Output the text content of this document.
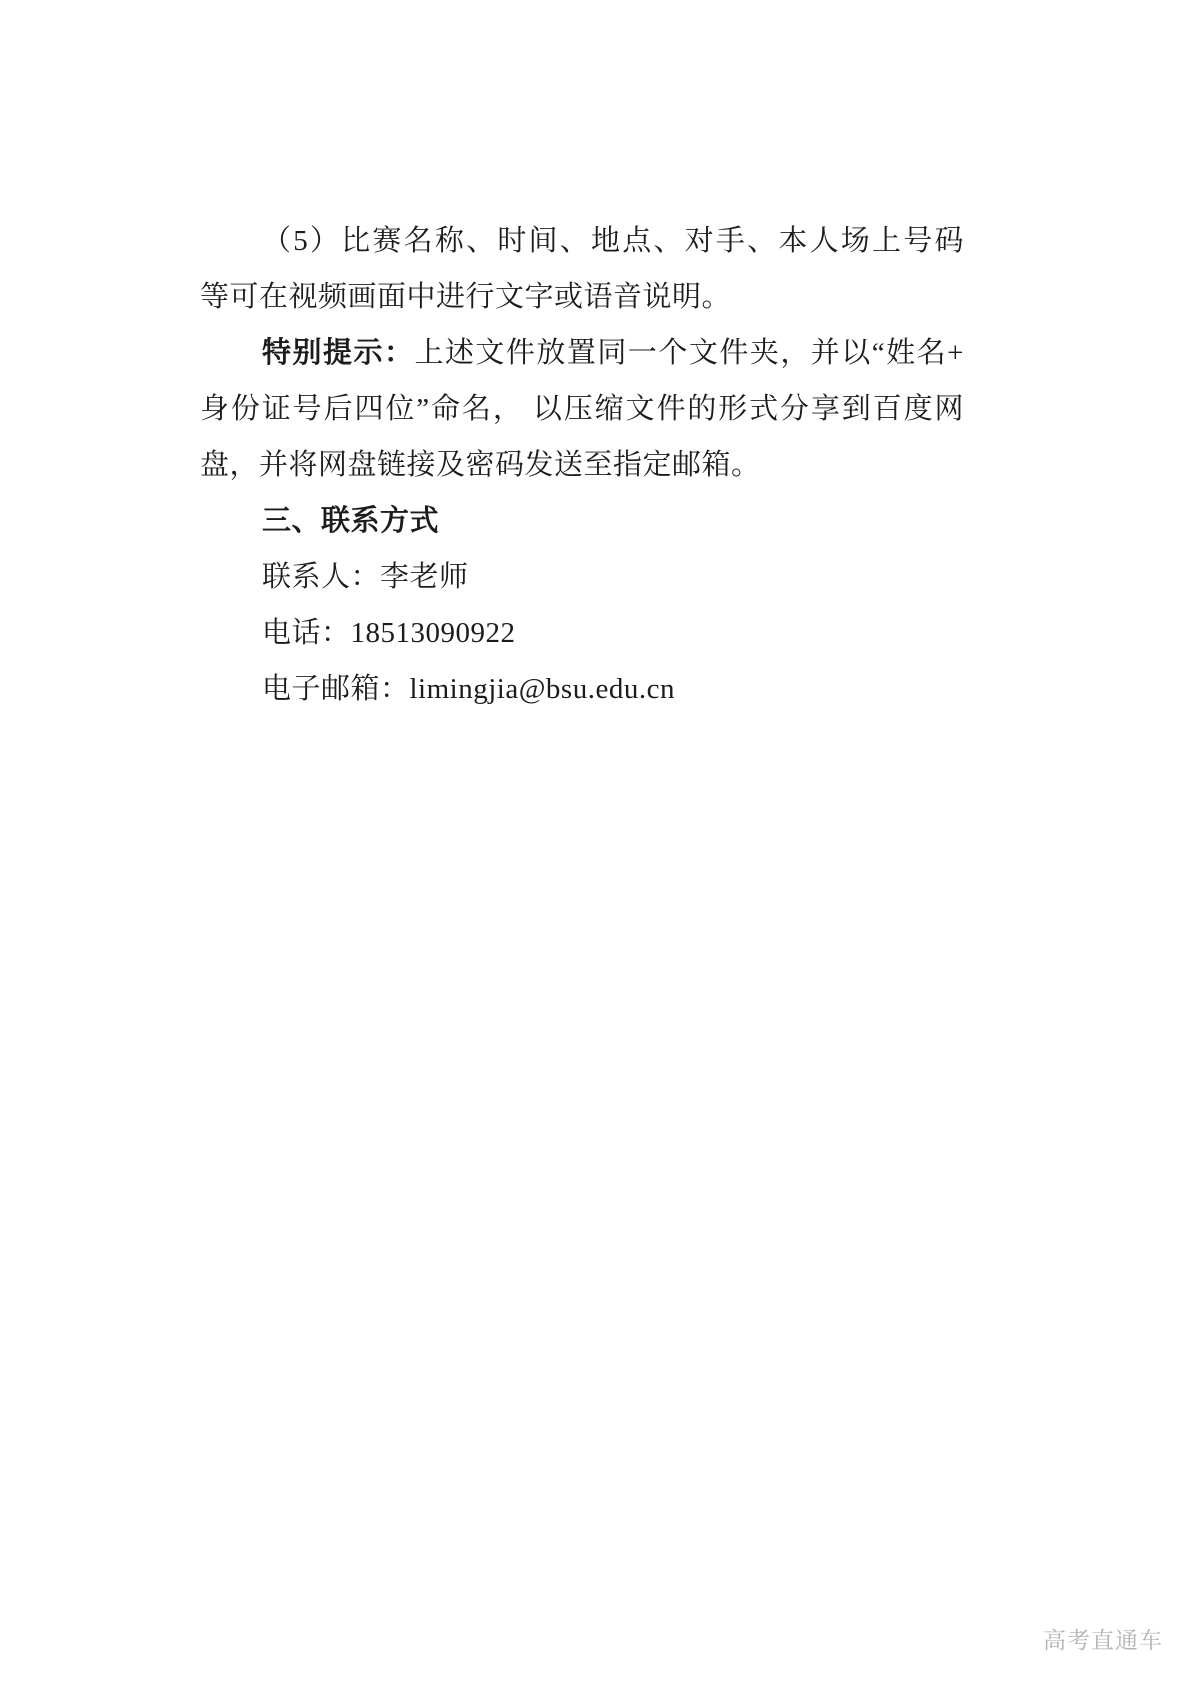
（5）比赛名称、时间、地点、对手、本人场上号码
等可在视频画面中进行文字或语音说明。
特别提示：上述文件放置同一个文件夹，并以“姓名+
身份证号后四位”命名， 以压缩文件的形式分享到百度网
盘，并将网盘链接及密码发送至指定邮箱。
三、联系方式
联系人：李老师
电话：18513090922
电子邮箱：limingjia@bsu.edu.cn
高考直通车
